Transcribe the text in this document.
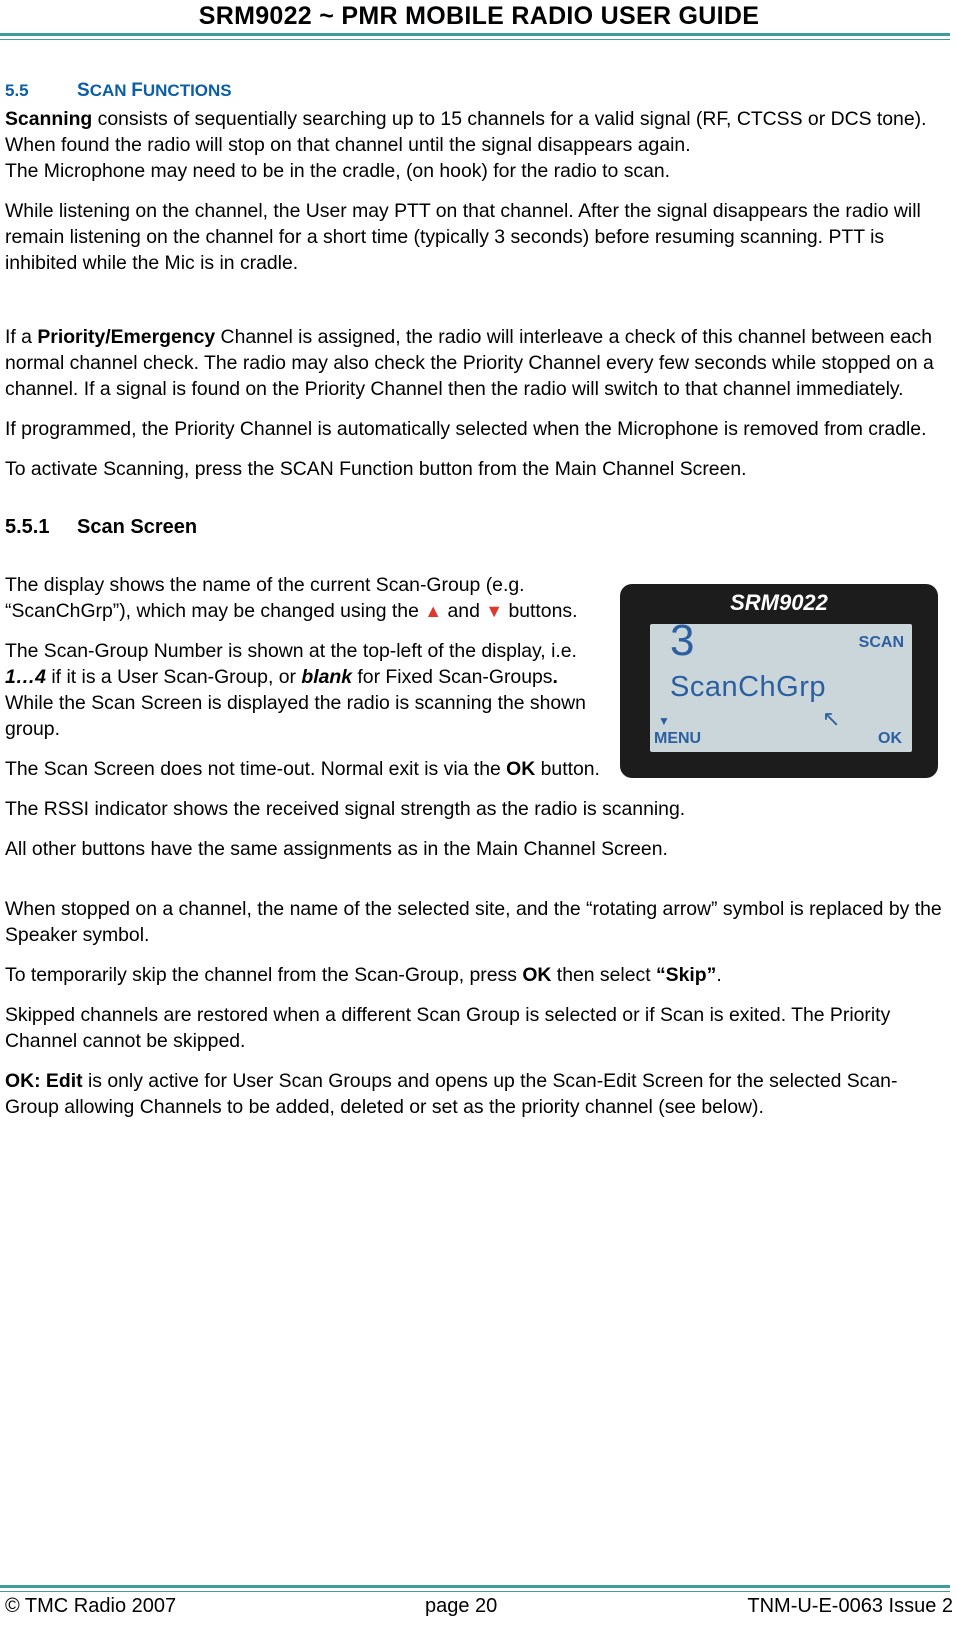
SRM9022 ~ PMR MOBILE RADIO USER GUIDE
5.5	SCAN FUNCTIONS

Scanning consists of sequentially searching up to 15 channels for a valid signal (RF, CTCSS or DCS tone). When found the radio will stop on that channel until the signal disappears again.

The Microphone may need to be in the cradle, (on hook) for the radio to scan.

While listening on the channel, the User may PTT on that channel. After the signal disappears the radio will remain listening on the channel for a short time (typically 3 seconds) before resuming scanning. PTT is inhibited while the Mic is in cradle.

If a Priority/Emergency Channel is assigned, the radio will interleave a check of this channel between each normal channel check. The radio may also check the Priority Channel every few seconds while stopped on a channel. If a signal is found on the Priority Channel then the radio will switch to that channel immediately.

If programmed, the Priority Channel is automatically selected when the Microphone is removed from cradle.

To activate Scanning, press the SCAN Function button from the Main Channel Screen.

5.5.1 Scan Screen

The display shows the name of the current Scan-Group (e.g. “ScanChGrp”), which may be changed using the ▲ and ▼ buttons.

The Scan-Group Number is shown at the top-left of the display, i.e. 1…4 if it is a User Scan-Group, or blank for Fixed Scan-Groups. While the Scan Screen is displayed the radio is scanning the shown group.

SRM9022
3	SCAN
ScanChGrp
▼	↖
MENU	OK

The Scan Screen does not time-out. Normal exit is via the OK button.

The RSSI indicator shows the received signal strength as the radio is scanning.

All other buttons have the same assignments as in the Main Channel Screen.

When stopped on a channel, the name of the selected site, and the “rotating arrow” symbol is replaced by the Speaker symbol.

To temporarily skip the channel from the Scan-Group, press OK then select “Skip”.

Skipped channels are restored when a different Scan Group is selected or if Scan is exited. The Priority Channel cannot be skipped.

OK: Edit is only active for User Scan Groups and opens up the Scan-Edit Screen for the selected Scan-Group allowing Channels to be added, deleted or set as the priority channel (see below).

© TMC Radio 2007	page 20	TNM-U-E-0063 Issue 2
